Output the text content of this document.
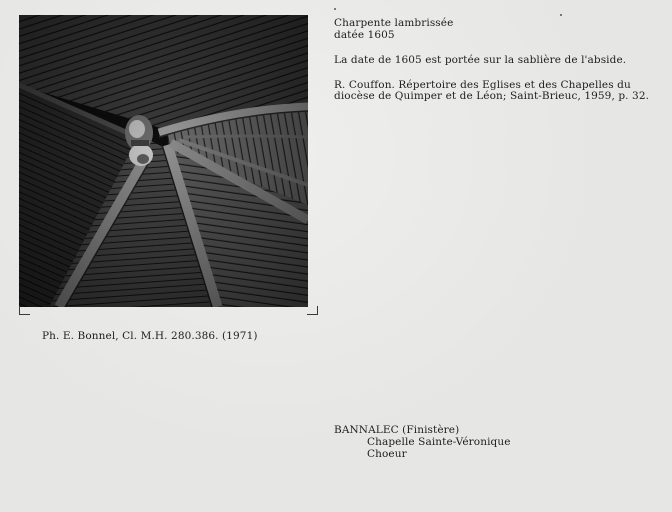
Charpente lambrissée
datée 1605
La date de 1605 est portée sur la sablière de l'abside.
R. Couffon. Répertoire des Eglises et des Chapelles du
diocèse de Quimper et de Léon; Saint-Brieuc, 1959, p. 32.
Ph. E. Bonnel, Cl. M.H. 280.386. (1971)
BANNALEC (Finistère)
Chapelle Sainte-Véronique
Choeur
